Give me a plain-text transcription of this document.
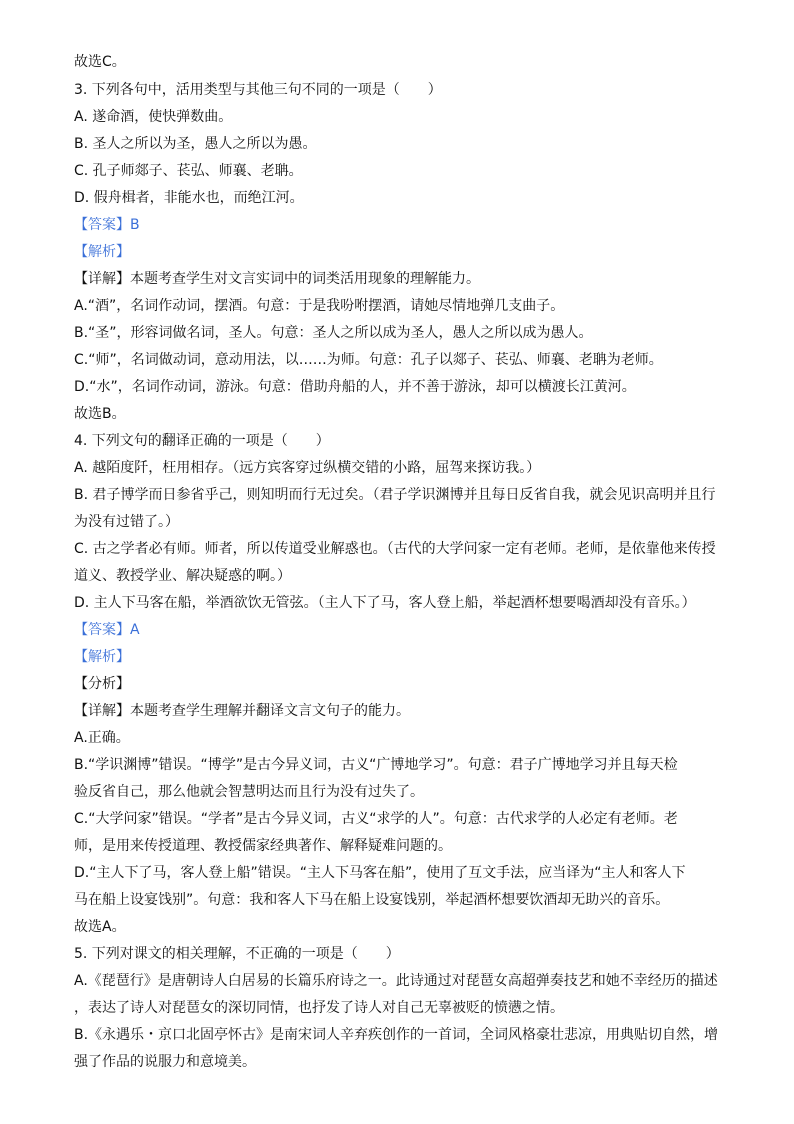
故选C。
3. 下列各句中，活用类型与其他三句不同的一项是（　　）
A. 遂命酒，使快弹数曲。
B. 圣人之所以为圣，愚人之所以为愚。
C. 孔子师郯子、苌弘、师襄、老聃。
D. 假舟楫者，非能水也，而绝江河。
【答案】B
【解析】
【详解】本题考查学生对文言实词中的词类活用现象的理解能力。
A.“酒”，名词作动词，摆酒。句意：于是我吩咐摆酒，请她尽情地弹几支曲子。
B.“圣”，形容词做名词，圣人。句意：圣人之所以成为圣人，愚人之所以成为愚人。
C.“师”，名词做动词，意动用法，以……为师。句意：孔子以郯子、苌弘、师襄、老聃为老师。
D.“水”，名词作动词，游泳。句意：借助舟船的人，并不善于游泳，却可以横渡长江黄河。
故选B。
4. 下列文句的翻译正确的一项是（　　）
A. 越陌度阡，枉用相存。（远方宾客穿过纵横交错的小路，屈驾来探访我。）
B. 君子博学而日参省乎己，则知明而行无过矣。（君子学识渊博并且每日反省自我，就会见识高明并且行
为没有过错了。）
C. 古之学者必有师。师者，所以传道受业解惑也。（古代的大学问家一定有老师。老师，是依靠他来传授
道义、教授学业、解决疑惑的啊。）
D. 主人下马客在船，举酒欲饮无管弦。（主人下了马，客人登上船，举起酒杯想要喝酒却没有音乐。）
【答案】A
【解析】
【分析】
【详解】本题考查学生理解并翻译文言文句子的能力。
A.正确。
B.“学识渊博”错误。“博学”是古今异义词，古义“广博地学习”。句意：君子广博地学习并且每天检
验反省自己，那么他就会智慧明达而且行为没有过失了。
C.“大学问家”错误。“学者”是古今异义词，古义“求学的人”。句意：古代求学的人必定有老师。老
师，是用来传授道理、教授儒家经典著作、解释疑难问题的。
D.“主人下了马，客人登上船”错误。“主人下马客在船”，使用了互文手法，应当译为“主人和客人下
马在船上设宴饯别”。句意：我和客人下马在船上设宴饯别，举起酒杯想要饮酒却无助兴的音乐。
故选A。
5. 下列对课文的相关理解，不正确的一项是（　　）
A.《琵琶行》是唐朝诗人白居易的长篇乐府诗之一。此诗通过对琵琶女高超弹奏技艺和她不幸经历的描述
，表达了诗人对琵琶女的深切同情，也抒发了诗人对自己无辜被贬的愤懑之情。
B.《永遇乐・京口北固亭怀古》是南宋词人辛弃疾创作的一首词，全词风格豪壮悲凉，用典贴切自然，增
强了作品的说服力和意境美。
